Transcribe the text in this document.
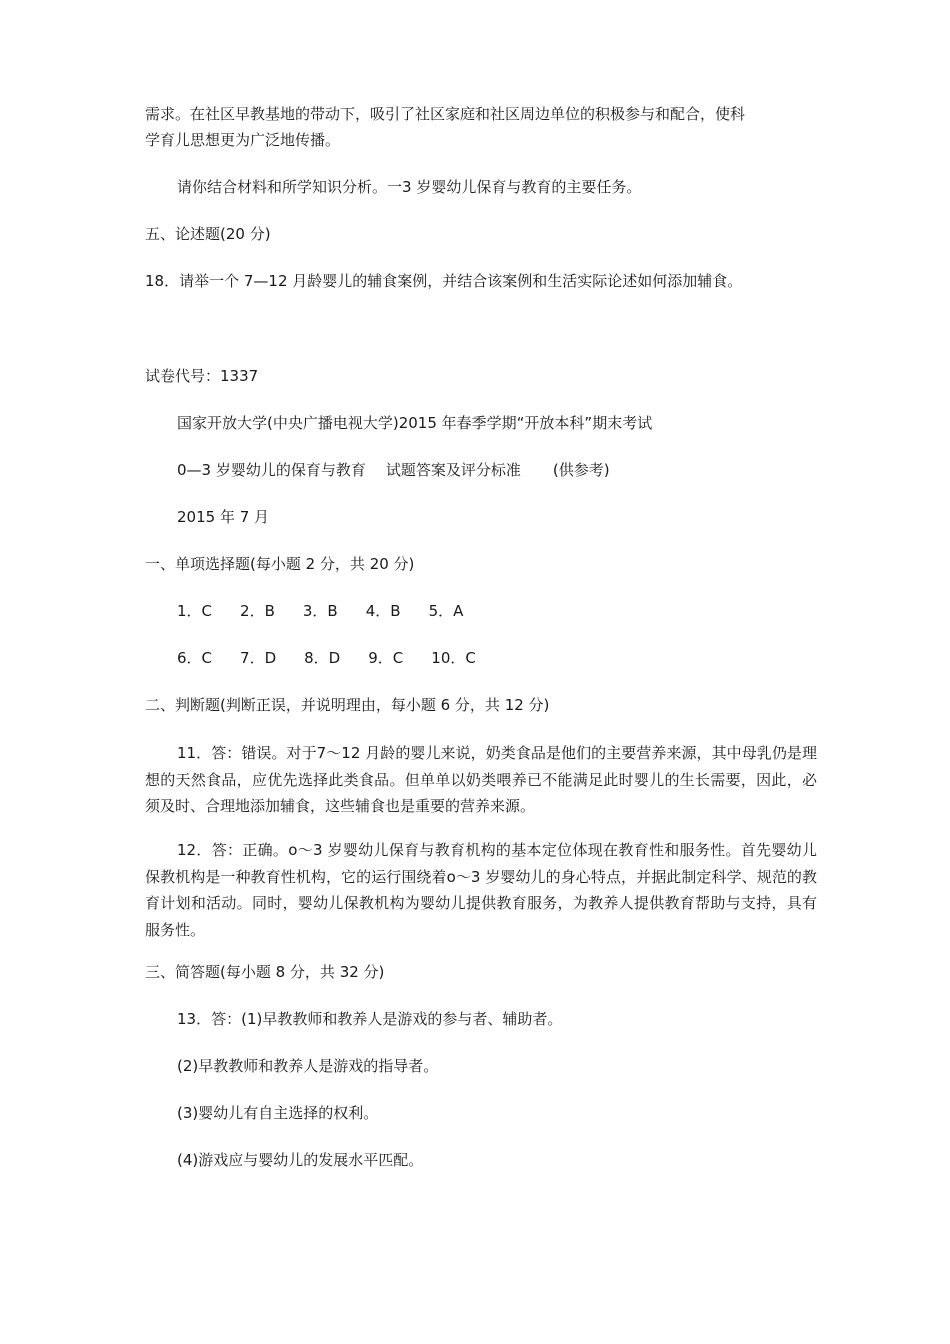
需求。在社区早教基地的带动下，吸引了社区家庭和社区周边单位的积极参与和配合，使科
学育儿思想更为广泛地传播。
请你结合材料和所学知识分析。一3 岁婴幼儿保育与教育的主要任务。
五、论述题(20 分)
18．请举一个 7—12 月龄婴儿的辅食案例，并结合该案例和生活实际论述如何添加辅食。
试卷代号：1337
国家开放大学(中央广播电视大学)2015 年春季学期“开放本科”期末考试
0—3 岁婴幼儿的保育与教育 试题答案及评分标准 (供参考)
2015 年 7 月
一、单项选择题(每小题 2 分，共 20 分)
1．C 2．B 3．B 4．B 5．A
6．C 7．D 8．D 9．C 10．C
二、判断题(判断正误，并说明理由，每小题 6 分，共 12 分)
11．答：错误。对于7～12 月龄的婴儿来说，奶类食品是他们的主要营养来源，其中母乳仍是理想的天然食品，应优先选择此类食品。但单单以奶类喂养已不能满足此时婴儿的生长需要，因此，必须及时、合理地添加辅食，这些辅食也是重要的营养来源。
12．答：正确。o～3 岁婴幼儿保育与教育机构的基本定位体现在教育性和服务性。首先婴幼儿保教机构是一种教育性机构，它的运行围绕着o～3 岁婴幼儿的身心特点，并据此制定科学、规范的教育计划和活动。同时，婴幼儿保教机构为婴幼儿提供教育服务，为教养人提供教育帮助与支持，具有服务性。
三、简答题(每小题 8 分，共 32 分)
13．答：(1)早教教师和教养人是游戏的参与者、辅助者。
(2)早教教师和教养人是游戏的指导者。
(3)婴幼儿有自主选择的权利。
(4)游戏应与婴幼儿的发展水平匹配。
